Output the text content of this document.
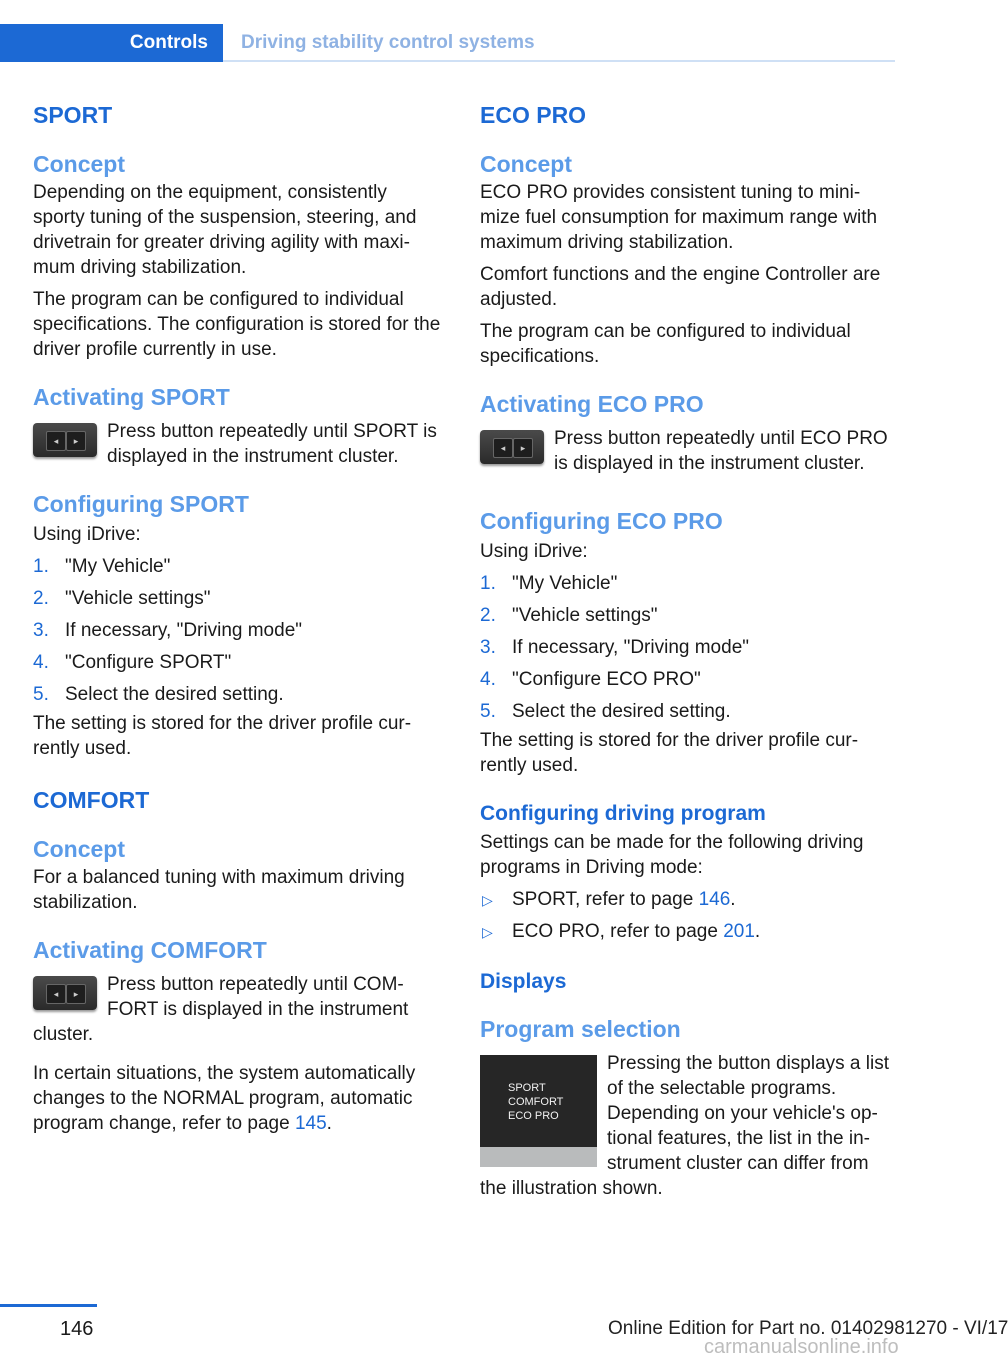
Controls	Driving stability control systems
SPORT
Concept

Depending on the equipment, consistently sporty tuning of the suspension, steering, and drivetrain for greater driving agility with maximum driving stabilization.

The program can be configured to individual specifications. The configuration is stored for the driver profile currently in use.

Activating SPORT
◂	▸	Press button repeatedly until SPORT is displayed in the instrument cluster.

Configuring SPORT

Using iDrive:

1. "My Vehicle"
2. "Vehicle settings"
3. If necessary, "Driving mode"
4. "Configure SPORT"
5. Select the desired setting.

The setting is stored for the driver profile currently used.

COMFORT
Concept

For a balanced tuning with maximum driving stabilization.

Activating COMFORT
◂	▸	Press button repeatedly until COMFORT is displayed in the instrument cluster.

In certain situations, the system automatically changes to the NORMAL program, automatic program change, refer to page 145.

ECO PRO
Concept

ECO PRO provides consistent tuning to minimize fuel consumption for maximum range with maximum driving stabilization.

Comfort functions and the engine Controller are adjusted.

The program can be configured to individual specifications.

Activating ECO PRO
◂	▸	Press button repeatedly until ECO PRO is displayed in the instrument cluster.

Configuring ECO PRO

Using iDrive:

1. "My Vehicle"
2. "Vehicle settings"
3. If necessary, "Driving mode"
4. "Configure ECO PRO"
5. Select the desired setting.

The setting is stored for the driver profile currently used.

Configuring driving program

Settings can be made for the following driving programs in Driving mode:

▷ SPORT, refer to page 146.
▷ ECO PRO, refer to page 201.
Displays
Program selection
SPORT
COMFORT
ECO PRO

Pressing the button displays a list of the selectable programs. Depending on your vehicle's optional features, the list in the instrument cluster can differ from the illustration shown.

146	Online Edition for Part no. 01402981270 - VI/17
carmanualsonline.info
